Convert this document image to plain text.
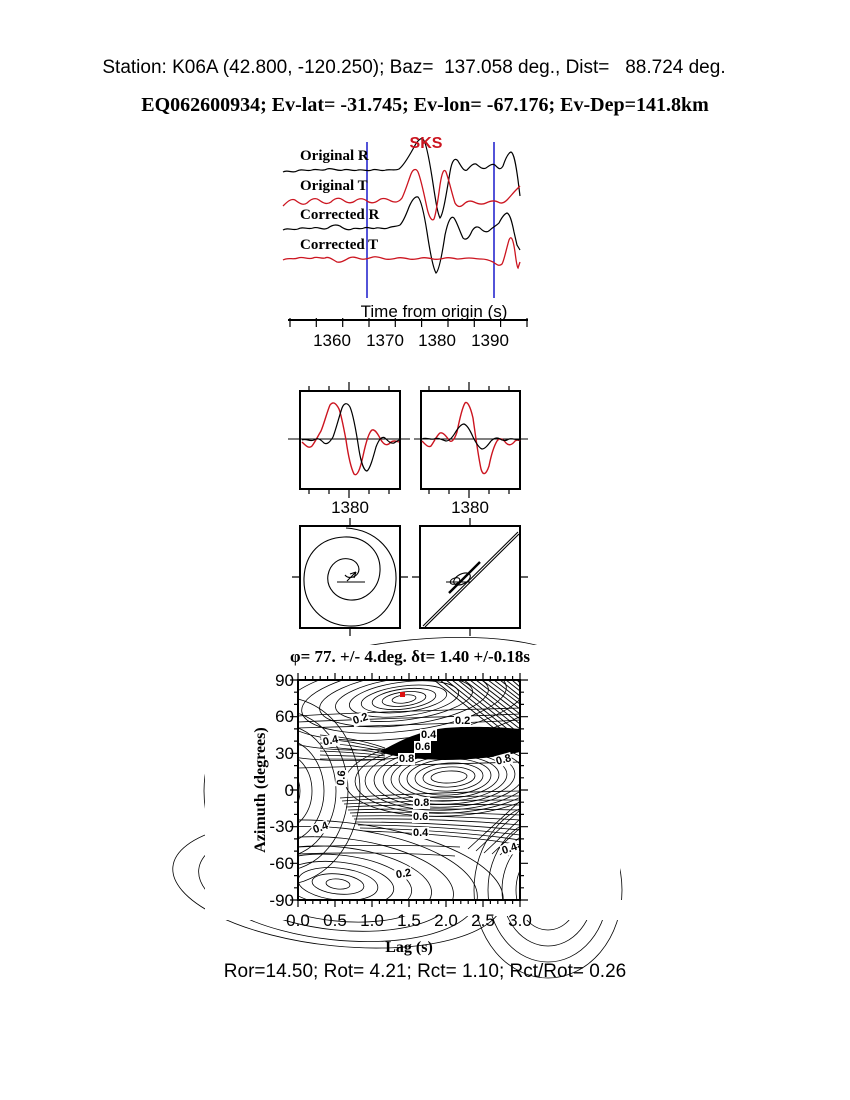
Station: K06A (42.800, -120.250); Baz=  137.058 deg., Dist=   88.724 deg.
EQ062600934; Ev-lat= -31.745; Ev-lon= -67.176; Ev-Dep=141.8km
SKS
Original R
Original T
Corrected R
Corrected T
Time from origin (s)
1360 1370 1380 1390
1380	1380
φ= 77. +/- 4.deg. δt= 1.40 +/-0.18s
Azimuth (degrees)
90
60
30
0
-30
-60
-90
0.0 0.5 1.0 1.5 2.0 2.5 3.0
Lag (s)
Ror=14.50; Rot= 4.21; Rct= 1.10; Rct/Rot= 0.26
0.2	0.2
0.4	0.4
0.6
0.8	0.8
0.6
0.8
0.6
0.4
0.4
0.4
0.2
